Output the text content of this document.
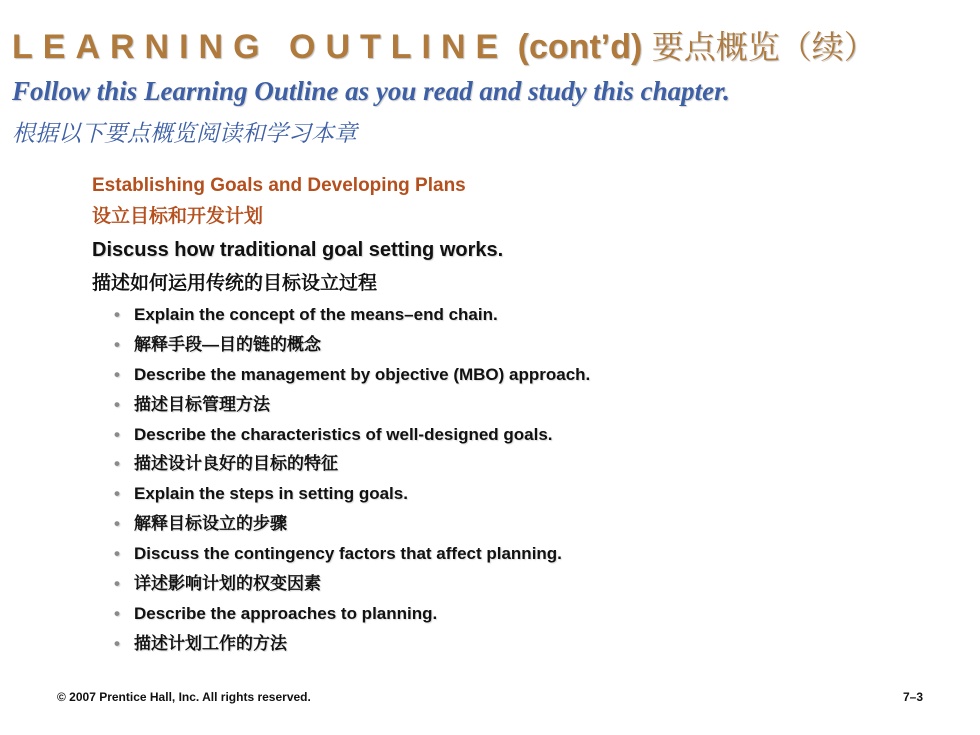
LEARNING OUTLINE (cont’d) 要点概览（续）
Follow this Learning Outline as you read and study this chapter.
根据以下要点概览阅读和学习本章
Establishing Goals and Developing Plans
设立目标和开发计划
Discuss how traditional goal setting works.
描述如何运用传统的目标设立过程
• Explain the concept of the means–end chain.
• 解释手段—目的链的概念
• Describe the management by objective (MBO) approach.
• 描述目标管理方法
• Describe the characteristics of well-designed goals.
• 描述设计良好的目标的特征
• Explain the steps in setting goals.
• 解释目标设立的步骤
• Discuss the contingency factors that affect planning.
• 详述影响计划的权变因素
• Describe the approaches to planning.
• 描述计划工作的方法
© 2007 Prentice Hall, Inc. All rights reserved.	7–3
